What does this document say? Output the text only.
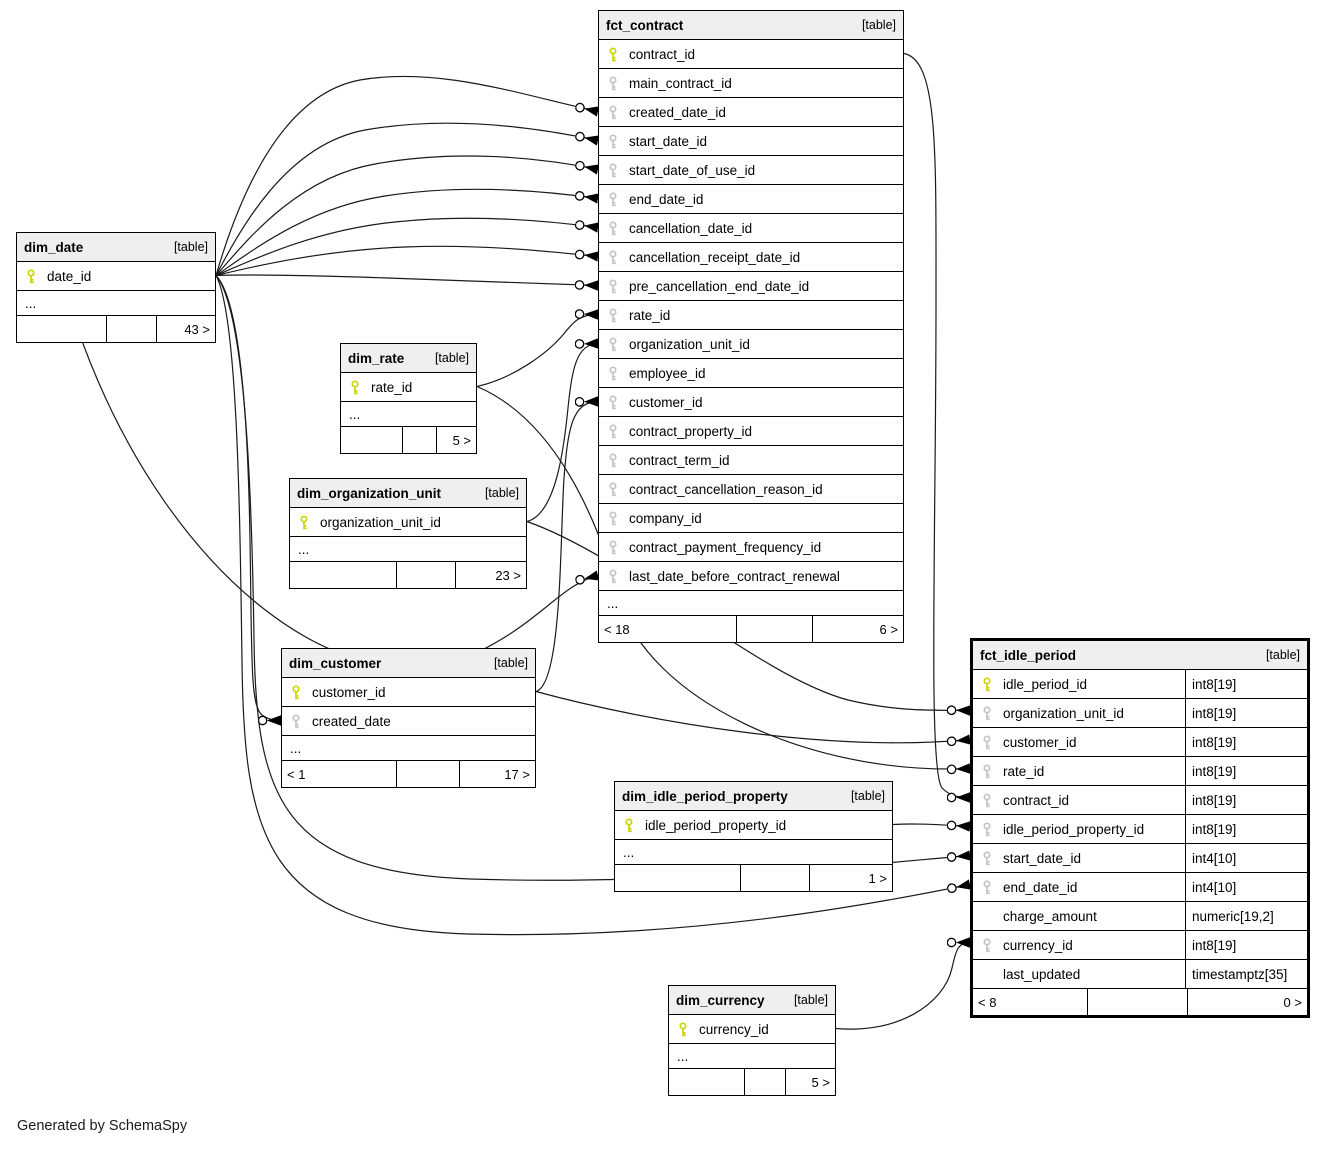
dim_date	[table]
date_id
...
43 >
dim_rate [table]
rate_id
...
5 >
dim_organization_unit	[table]
organization_unit_id
...
23 >
dim_customer	[table]
customer_id
created_date
...
< 1	17 >
dim_idle_period_property	[table]
idle_period_property_id
...
1 >
dim_currency [table]
currency_id
...
5 >
fct_contract	[table]
contract_id
main_contract_id
created_date_id
start_date_id
start_date_of_use_id
end_date_id
cancellation_date_id
cancellation_receipt_date_id
pre_cancellation_end_date_id
rate_id
organization_unit_id
employee_id
customer_id
contract_property_id
contract_term_id
contract_cancellation_reason_id
company_id
contract_payment_frequency_id
last_date_before_contract_renewal
...
< 18	6 >
fct_idle_period	[table]
idle_period_id	int8[19]
organization_unit_id	int8[19]
customer_id	int8[19]
rate_id	int8[19]
contract_id	int8[19]
idle_period_property_id	int8[19]
start_date_id	int4[10]
end_date_id	int4[10]
charge_amount	numeric[19,2]
currency_id	int8[19]
last_updated	timestamptz[35]
< 8	0 >
Generated by SchemaSpy
